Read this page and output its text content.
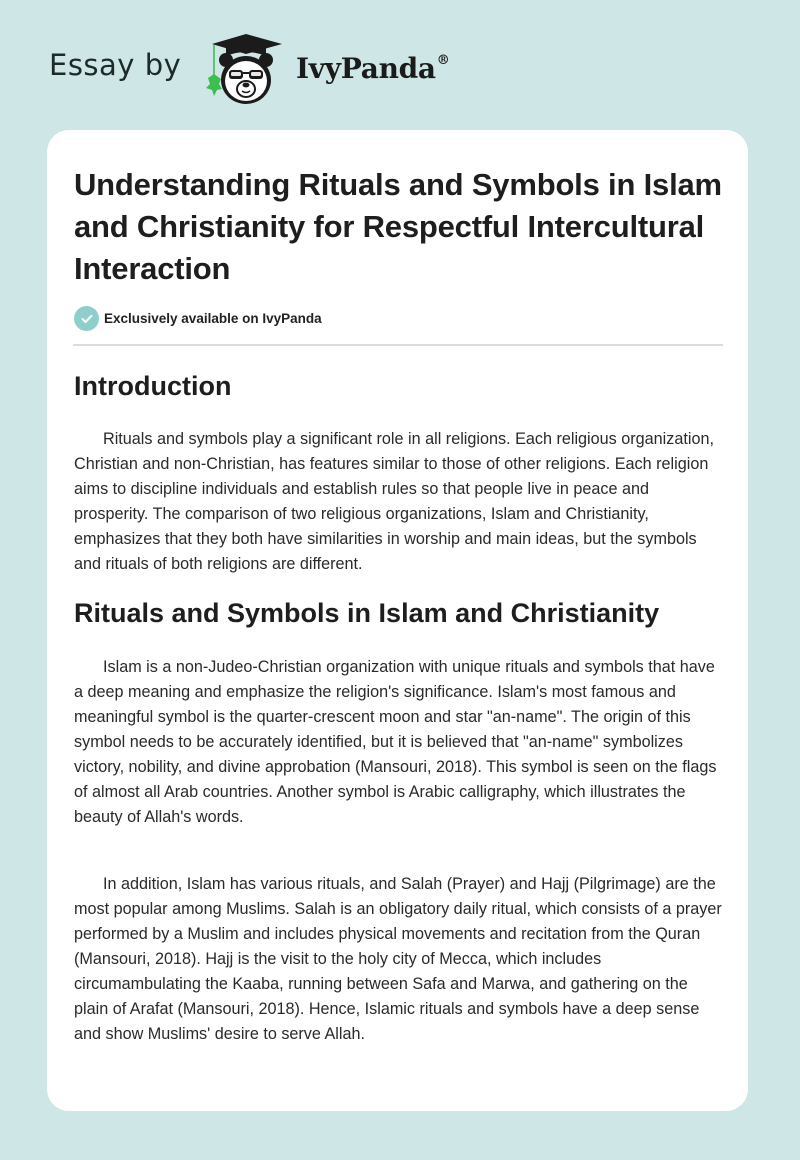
Essay by	IvyPanda®
Understanding Rituals and Symbols in Islam and Christianity for Respectful Intercultural Interaction
Exclusively available on IvyPanda
Introduction

Rituals and symbols play a significant role in all religions. Each religious organization, Christian and non-Christian, has features similar to those of other religions. Each religion aims to discipline individuals and establish rules so that people live in peace and prosperity. The comparison of two religious organizations, Islam and Christianity, emphasizes that they both have similarities in worship and main ideas, but the symbols and rituals of both religions are different.

Rituals and Symbols in Islam and Christianity

Islam is a non-Judeo-Christian organization with unique rituals and symbols that have a deep meaning and emphasize the religion's significance. Islam's most famous and meaningful symbol is the quarter-crescent moon and star "an-name". The origin of this symbol needs to be accurately identified, but it is believed that "an-name" symbolizes victory, nobility, and divine approbation (Mansouri, 2018). This symbol is seen on the flags of almost all Arab countries. Another symbol is Arabic calligraphy, which illustrates the beauty of Allah's words.

In addition, Islam has various rituals, and Salah (Prayer) and Hajj (Pilgrimage) are the most popular among Muslims. Salah is an obligatory daily ritual, which consists of a prayer performed by a Muslim and includes physical movements and recitation from the Quran (Mansouri, 2018). Hajj is the visit to the holy city of Mecca, which includes circumambulating the Kaaba, running between Safa and Marwa, and gathering on the plain of Arafat (Mansouri, 2018). Hence, Islamic rituals and symbols have a deep sense and show Muslims' desire to serve Allah.
